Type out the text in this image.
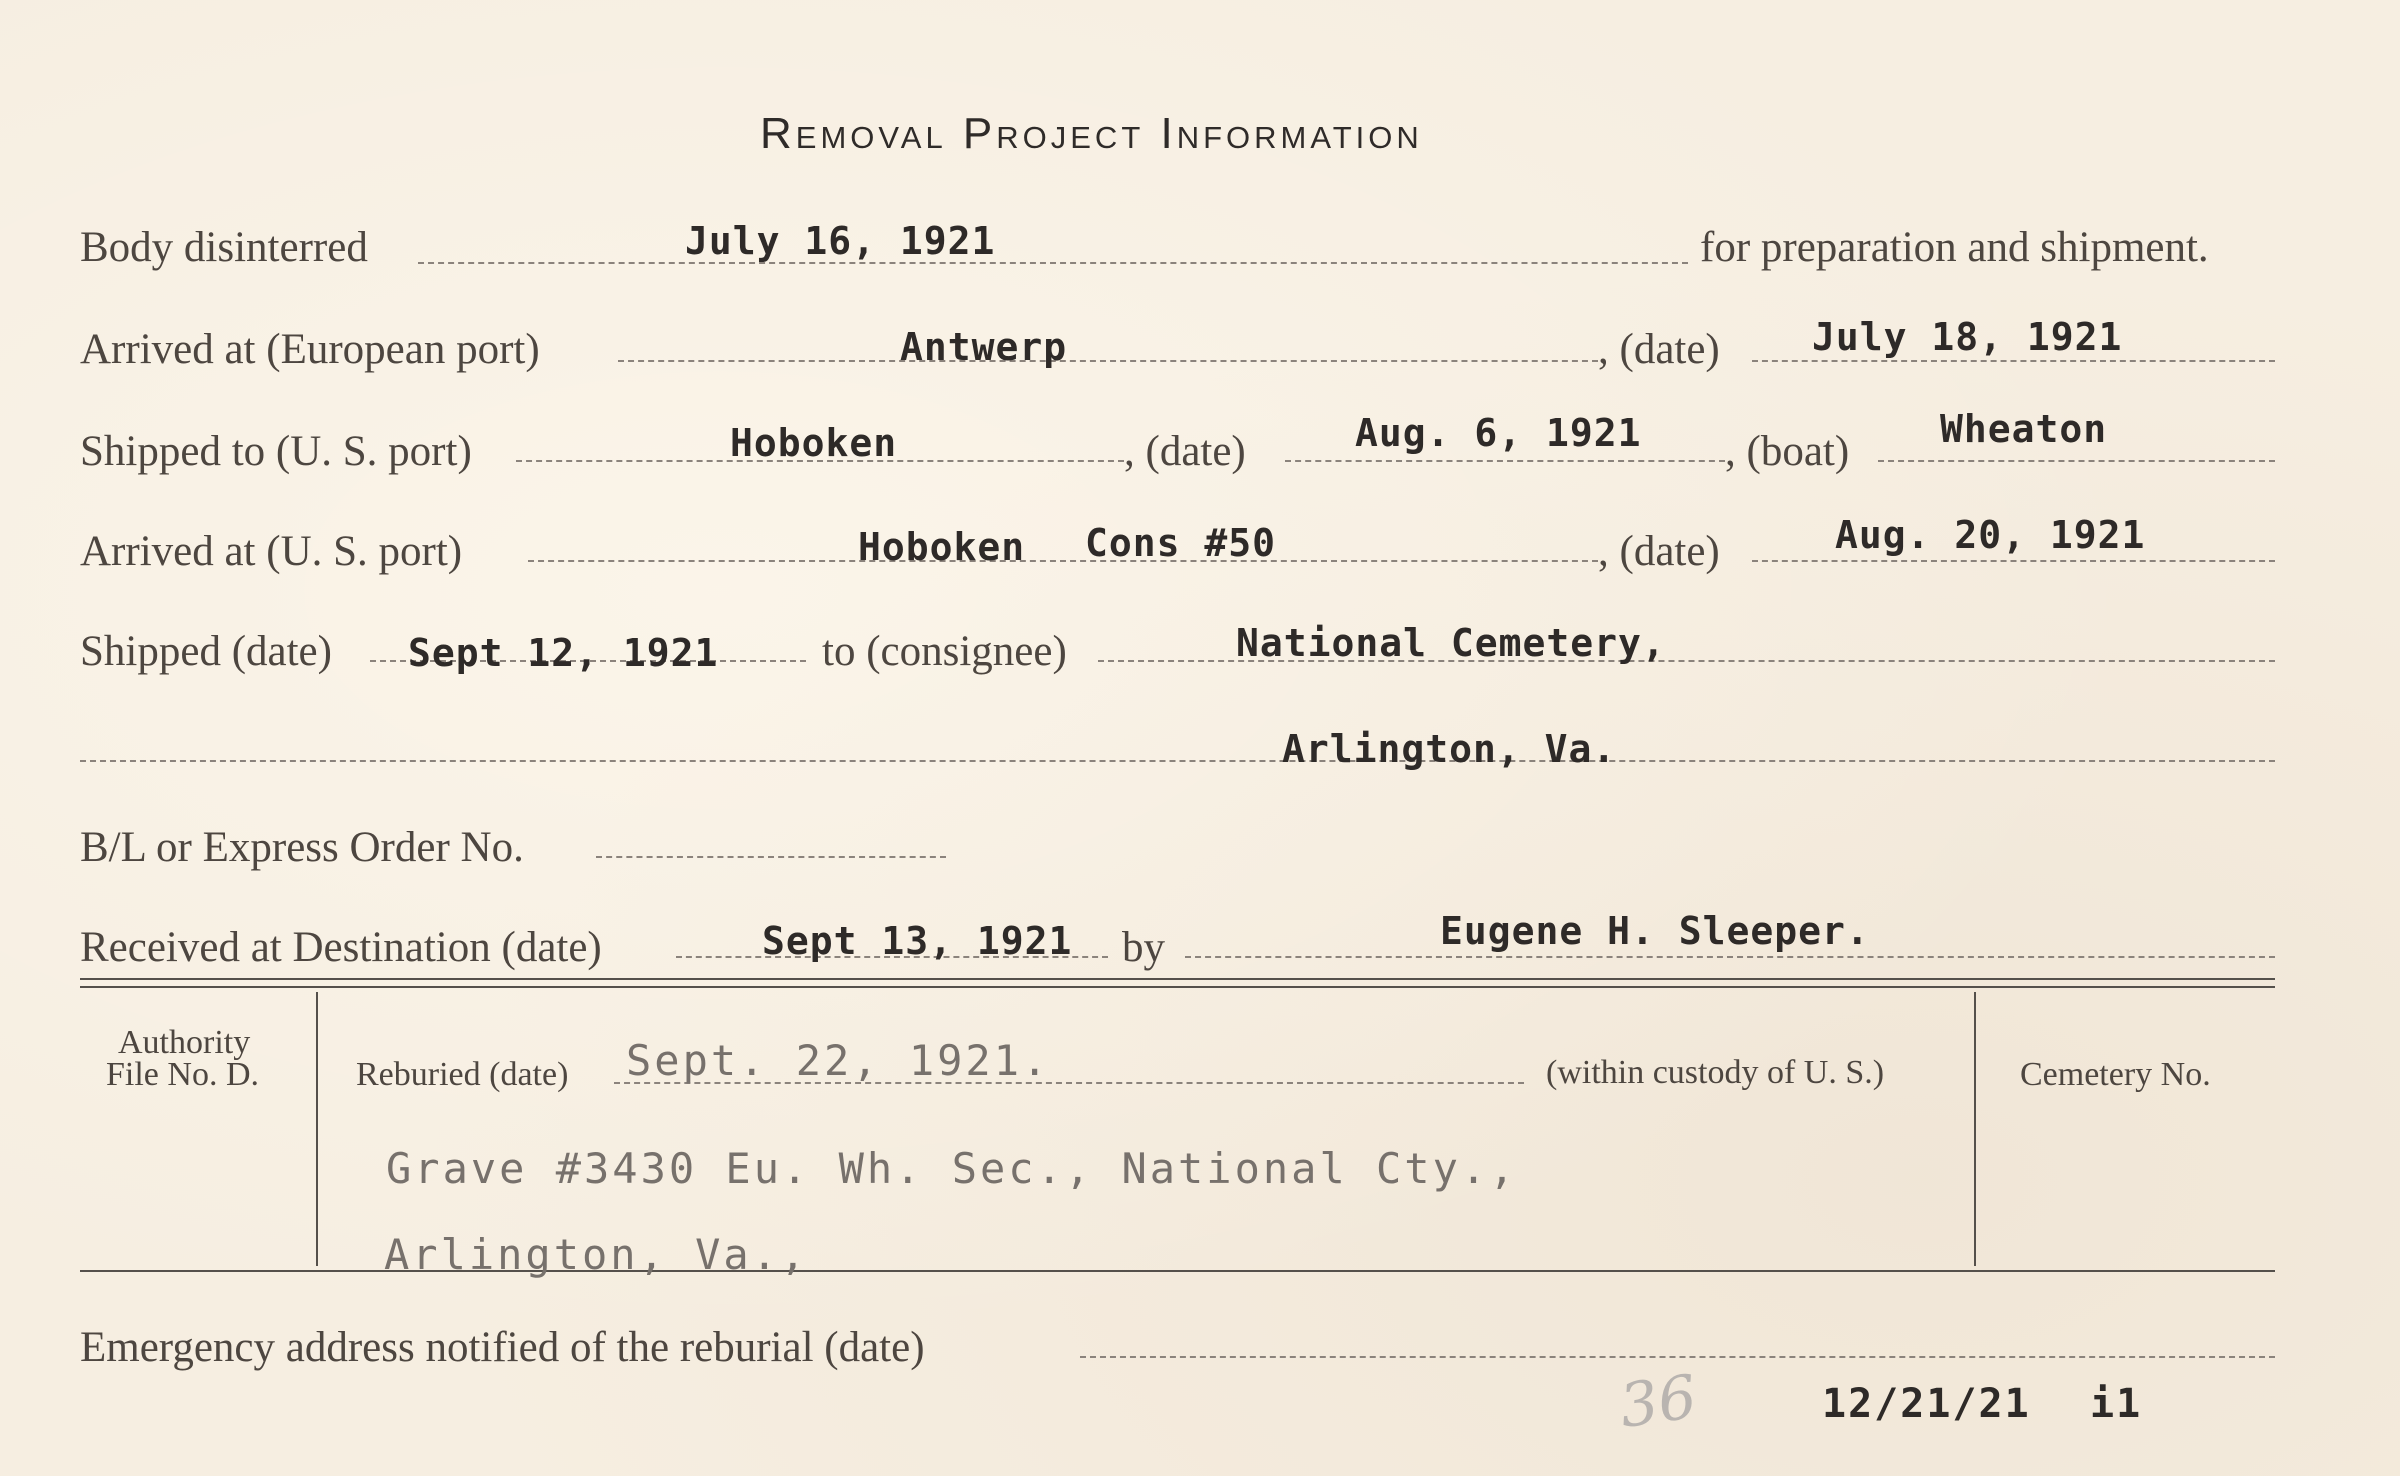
Removal Project Information
Body disinterred	July 16, 1921	for preparation and shipment.
Arrived at (European port)	Antwerp	, (date) July 18, 1921
Shipped to (U. S. port)	Hoboken	, (date)	Aug. 6, 1921 , (boat) Wheaton
Arrived at (U. S. port)	Hoboken Cons #50	, (date)	Aug. 20, 1921
Shipped (date) Sept 12, 1921 to (consignee)	National Cemetery,
Arlington, Va.
B/L or Express Order No.
Received at Destination (date)	Sept 13, 1921 by	Eugene H. Sleeper.
Authority
File No. D.	Reburied (date) Sept. 22, 1921.	(within custody of U. S.)
Grave #3430 Eu. Wh. Sec., National Cty.,
Arlington, Va.,
Cemetery No.
Emergency address notified of the reburial (date)
36	12/21/21 i1
